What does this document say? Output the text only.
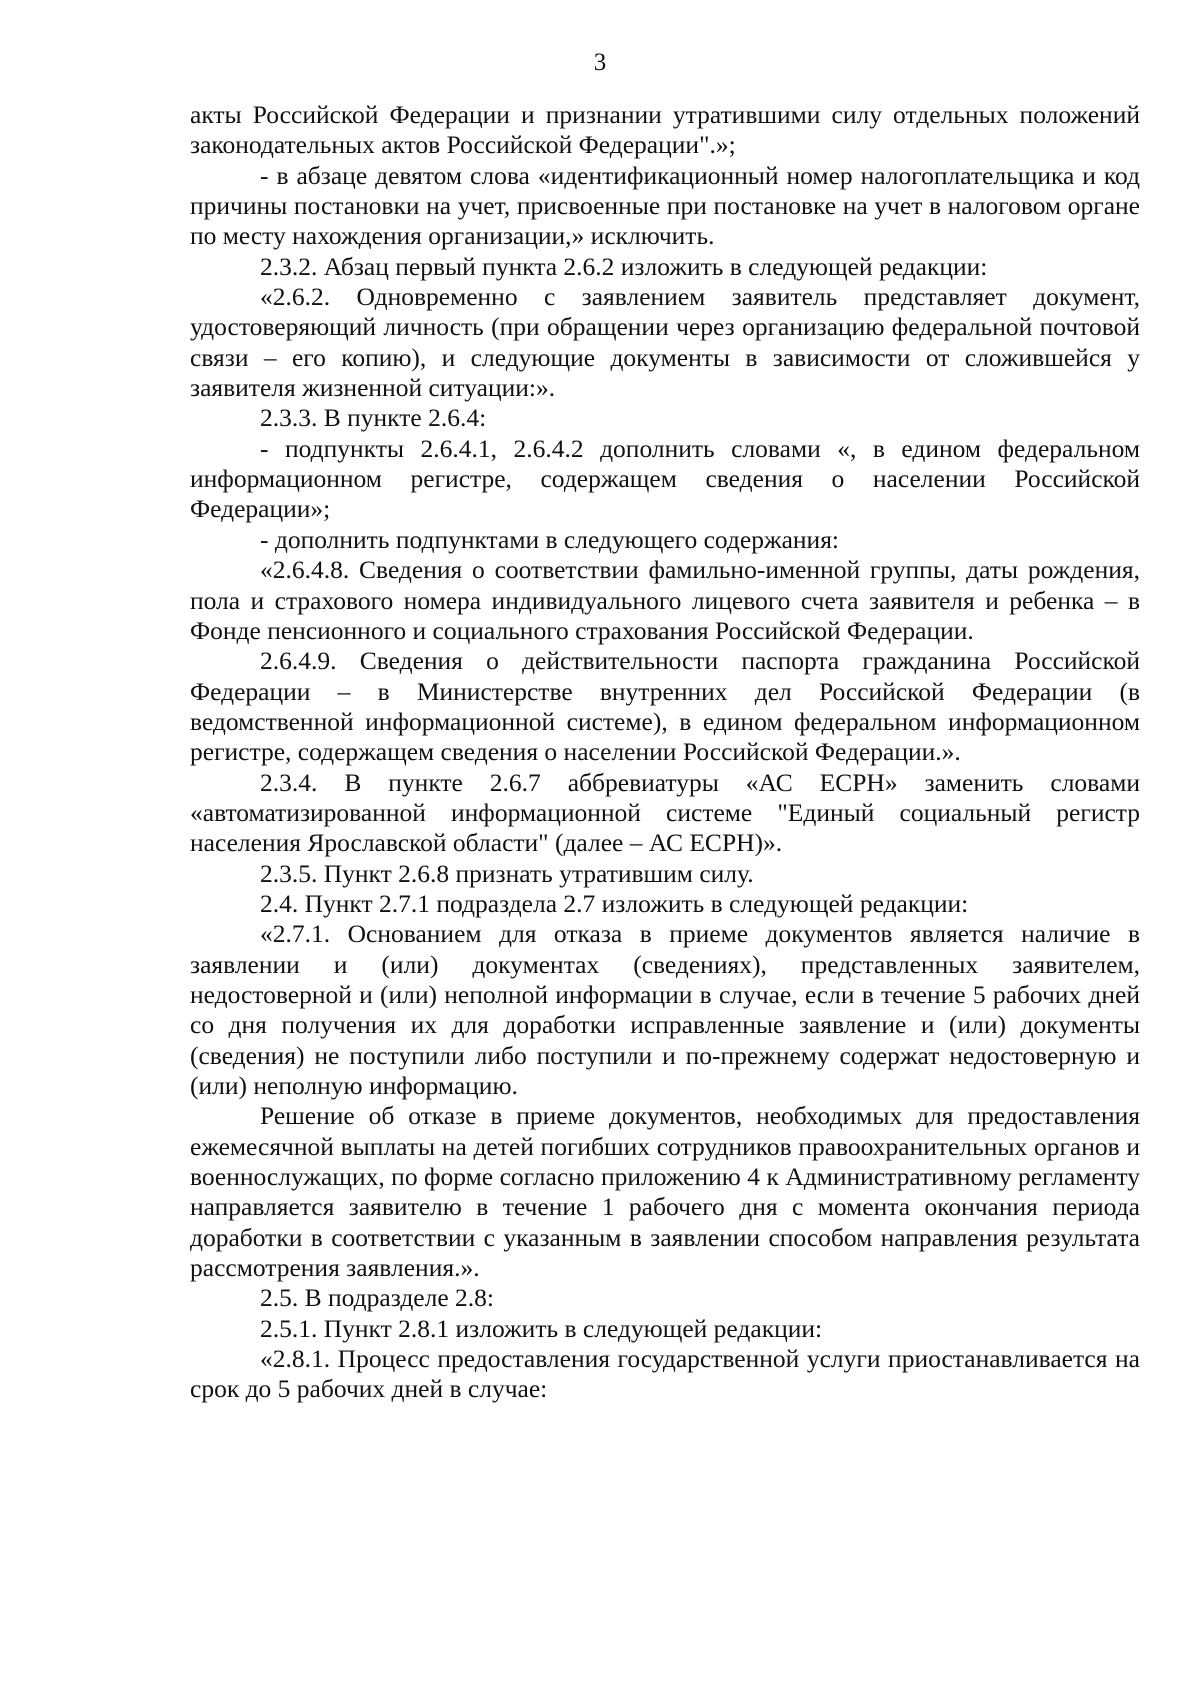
3

акты Российской Федерации и признании утратившими силу отдельных положений законодательных актов Российской Федерации".»;

- в абзаце девятом слова «идентификационный номер налогоплательщика и код причины постановки на учет, присвоенные при постановке на учет в налоговом органе по месту нахождения организации,» исключить.

2.3.2. Абзац первый пункта 2.6.2 изложить в следующей редакции:

«2.6.2. Одновременно с заявлением заявитель представляет документ, удостоверяющий личность (при обращении через организацию федеральной почтовой связи – его копию), и следующие документы в зависимости от сложившейся у заявителя жизненной ситуации:».

2.3.3. В пункте 2.6.4:

- подпункты 2.6.4.1, 2.6.4.2 дополнить словами «, в едином федеральном информационном регистре, содержащем сведения о населении Российской Федерации»;

- дополнить подпунктами в следующего содержания:

«2.6.4.8. Сведения о соответствии фамильно-именной группы, даты рождения, пола и страхового номера индивидуального лицевого счета заявителя и ребенка – в Фонде пенсионного и социального страхования Российской Федерации.

2.6.4.9. Сведения о действительности паспорта гражданина Российской Федерации – в Министерстве внутренних дел Российской Федерации (в ведомственной информационной системе), в едином федеральном информационном регистре, содержащем сведения о населении Российской Федерации.».

2.3.4. В пункте 2.6.7 аббревиатуры «АС ЕСРН» заменить словами «автоматизированной информационной системе "Единый социальный регистр населения Ярославской области" (далее – АС ЕСРН)».

2.3.5. Пункт 2.6.8 признать утратившим силу.

2.4. Пункт 2.7.1 подраздела 2.7 изложить в следующей редакции:

«2.7.1. Основанием для отказа в приеме документов является наличие в заявлении и (или) документах (сведениях), представленных заявителем, недостоверной и (или) неполной информации в случае, если в течение 5 рабочих дней со дня получения их для доработки исправленные заявление и (или) документы (сведения) не поступили либо поступили и по-прежнему содержат недостоверную и (или) неполную информацию.

Решение об отказе в приеме документов, необходимых для предоставления ежемесячной выплаты на детей погибших сотрудников правоохранительных органов и военнослужащих, по форме согласно приложению 4 к Административному регламенту направляется заявителю в течение 1 рабочего дня с момента окончания периода доработки в соответствии с указанным в заявлении способом направления результата рассмотрения заявления.».

2.5. В подразделе 2.8:

2.5.1. Пункт 2.8.1 изложить в следующей редакции:

«2.8.1. Процесс предоставления государственной услуги приостанавливается на срок до 5 рабочих дней в случае:
